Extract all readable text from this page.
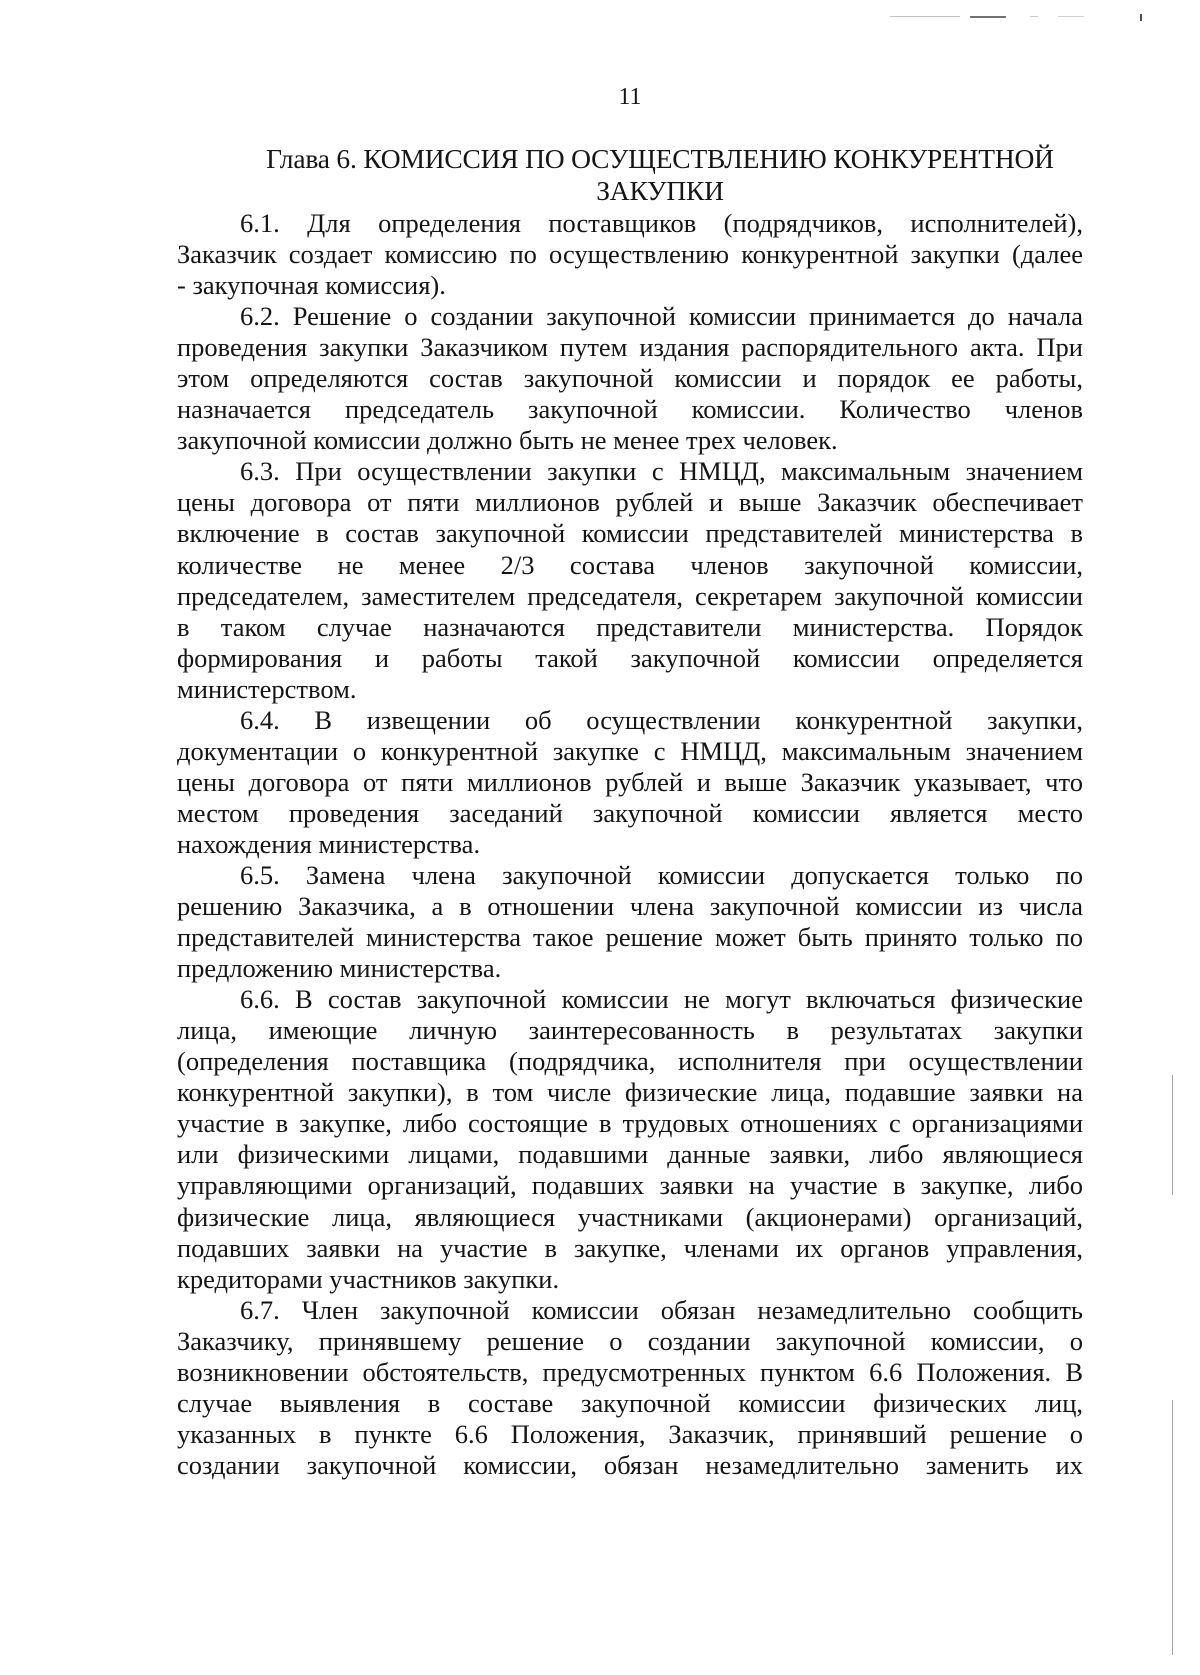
11
Глава 6. КОМИССИЯ ПО ОСУЩЕСТВЛЕНИЮ КОНКУРЕНТНОЙ
ЗАКУПКИ
6.1. Для определения поставщиков (подрядчиков, исполнителей),
Заказчик создает комиссию по осуществлению конкурентной закупки (далее
- закупочная комиссия).
6.2. Решение о создании закупочной комиссии принимается до начала
проведения закупки Заказчиком путем издания распорядительного акта. При
этом определяются состав закупочной комиссии и порядок ее работы,
назначается председатель закупочной комиссии. Количество членов
закупочной комиссии должно быть не менее трех человек.
6.3. При осуществлении закупки с НМЦД, максимальным значением
цены договора от пяти миллионов рублей и выше Заказчик обеспечивает
включение в состав закупочной комиссии представителей министерства в
количестве не менее 2/3 состава членов закупочной комиссии,
председателем, заместителем председателя, секретарем закупочной комиссии
в таком случае назначаются представители министерства. Порядок
формирования и работы такой закупочной комиссии определяется
министерством.
6.4. В извещении об осуществлении конкурентной закупки,
документации о конкурентной закупке с НМЦД, максимальным значением
цены договора от пяти миллионов рублей и выше Заказчик указывает, что
местом проведения заседаний закупочной комиссии является место
нахождения министерства.
6.5. Замена члена закупочной комиссии допускается только по
решению Заказчика, а в отношении члена закупочной комиссии из числа
представителей министерства такое решение может быть принято только по
предложению министерства.
6.6. В состав закупочной комиссии не могут включаться физические
лица, имеющие личную заинтересованность в результатах закупки
(определения поставщика (подрядчика, исполнителя при осуществлении
конкурентной закупки), в том числе физические лица, подавшие заявки на
участие в закупке, либо состоящие в трудовых отношениях с организациями
или физическими лицами, подавшими данные заявки, либо являющиеся
управляющими организаций, подавших заявки на участие в закупке, либо
физические лица, являющиеся участниками (акционерами) организаций,
подавших заявки на участие в закупке, членами их органов управления,
кредиторами участников закупки.
6.7. Член закупочной комиссии обязан незамедлительно сообщить
Заказчику, принявшему решение о создании закупочной комиссии, о
возникновении обстоятельств, предусмотренных пунктом 6.6 Положения. В
случае выявления в составе закупочной комиссии физических лиц,
указанных в пункте 6.6 Положения, Заказчик, принявший решение о
создании закупочной комиссии, обязан незамедлительно заменить их
